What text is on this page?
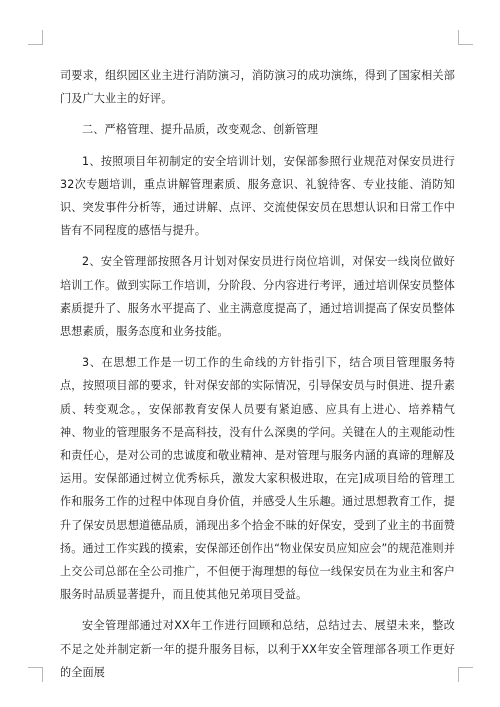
司要求，组织园区业主进行消防演习，消防演习的成功演练，得到了国家相关部门及广大业主的好评。

二、严格管理、提升品质，改变观念、创新管理

1、按照项目年初制定的安全培训计划，安保部参照行业规范对保安员进行32次专题培训，重点讲解管理素质、服务意识、礼貌待客、专业技能、消防知识、突发事件分析等，通过讲解、点评、交流使保安员在思想认识和日常工作中皆有不同程度的感悟与提升。

2、安全管理部按照各月计划对保安员进行岗位培训，对保安一线岗位做好培训工作。做到实际工作培训，分阶段、分内容进行考评，通过培训保安员整体素质提升了、服务水平提高了、业主满意度提高了，通过培训提高了保安员整体思想素质，服务态度和业务技能。

3、在思想工作是一切工作的生命线的方针指引下，结合项目管理服务特点，按照项目部的要求，针对保安部的实际情况，引导保安员与时俱进、提升素质、转变观念。，安保部教育安保人员要有紧迫感、应具有上进心、培养精气神、物业的管理服务不是高科技，没有什么深奥的学问。关键在人的主观能动性和责任心，是对公司的忠诚度和敬业精神、是对管理与服务内涵的真谛的理解及运用。安保部通过树立优秀标兵，激发大家积极进取，在完]成项目给的管理工作和服务工作的过程中体现自身价值，并感受人生乐趣。通过思想教育工作，提升了保安员思想道德品质，涌现出多个拾金不昧的好保安，受到了业主的书面赞扬。通过工作实践的摸索，安保部还创作出“物业保安员应知应会”的规范准则并上交公司总部在全公司推广，不但便于海理想的每位一线保安员在为业主和客户服务时品质显著提升，而且使其他兄弟项目受益。

安全管理部通过对XX年工作进行回顾和总结，总结过去、展望未来，整改不足之处并制定新一年的提升服务目标，以利于XX年安全管理部各项工作更好的全面展
